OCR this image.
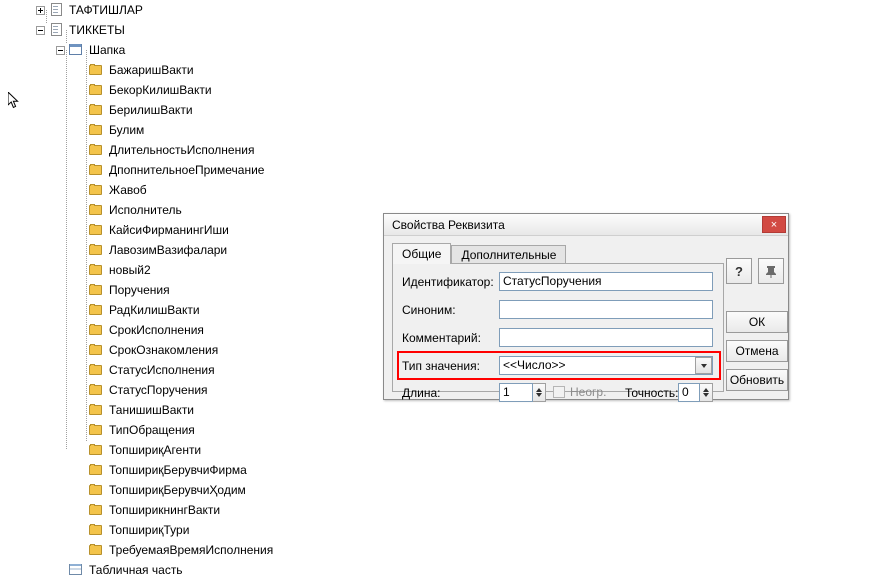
ТАФТИШЛАР
ТИККЕТЫ
Шапка
БажаришВакти
БекорКилишВакти
БерилишВакти
Булим
ДлительностьИсполнения
ДпопнительноеПримечание
Жавоб
Исполнитель
КайсиФирманингИши
ЛавозимВазифалари
новый2
Поручения
РадКилишВакти
СрокИсполнения
СрокОзнакомления
СтатусИсполнения
СтатусПоручения
ТанишишВакти
ТипОбращения
ТопшириқАгенти
ТопшириқБерувчиФирма
ТопшириқБерувчиҲодим
ТопширикнингВакти
ТопшириқТури
ТребуемаяВремяИсполнения
Табличная часть
Свойства Реквизита	×
Общие	Дополнительные
Идентификатор: СтатусПоручения
Синоним:
Комментарий:
Тип значения:	<<Число>>
Длина:	1	Неогр. Точность: 0
?
ОК
Отмена
Обновить
